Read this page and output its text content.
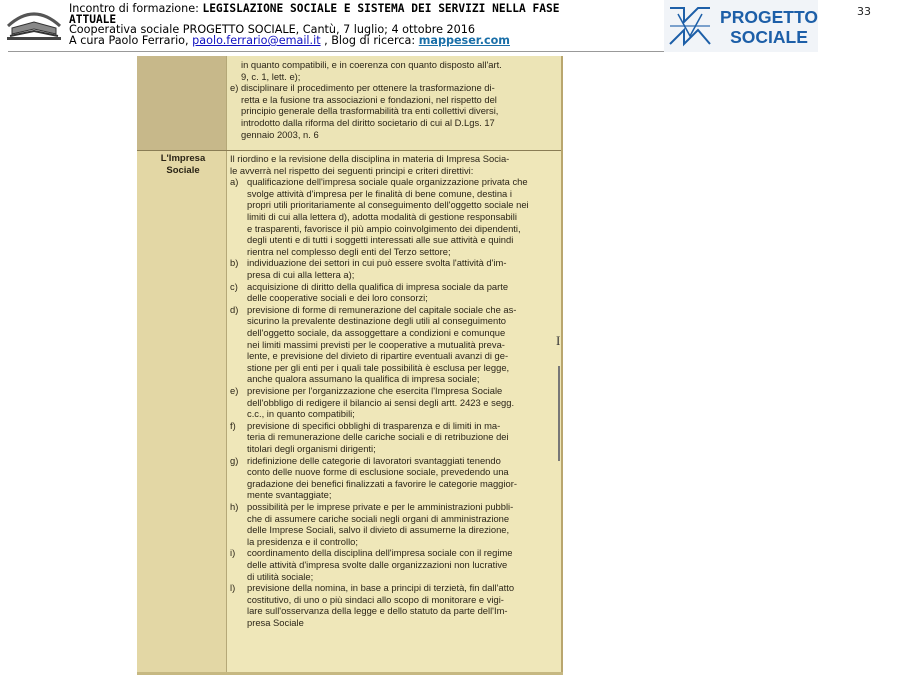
Incontro di formazione: LEGISLAZIONE SOCIALE E SISTEMA DEI SERVIZI NELLA FASE
ATTUALE
Cooperativa sociale PROGETTO SOCIALE, Cantù, 7 luglio; 4 ottobre 2016
A cura Paolo Ferrario, paolo.ferrario@email.it , Blog di ricerca: mappeser.com
33
PROGETTO
SOCIALE
L'Impresa
Sociale
in quanto compatibili, e in coerenza con quanto disposto all'art.
9, c. 1, lett. e);
e) disciplinare il procedimento per ottenere la trasformazione di-
retta e la fusione tra associazioni e fondazioni, nel rispetto del
principio generale della trasformabilità tra enti collettivi diversi,
introdotto dalla riforma del diritto societario di cui al D.Lgs. 17
gennaio 2003, n. 6
Il riordino e la revisione della disciplina in materia di Impresa Socia-
le avverrà nel rispetto dei seguenti principi e criteri direttivi:
a) qualificazione dell'impresa sociale quale organizzazione privata che
svolge attività d'impresa per le finalità di bene comune, destina i
propri utili prioritariamente al conseguimento dell'oggetto sociale nei
limiti di cui alla lettera d), adotta modalità di gestione responsabili
e trasparenti, favorisce il più ampio coinvolgimento dei dipendenti,
degli utenti e di tutti i soggetti interessati alle sue attività e quindi
rientra nel complesso degli enti del Terzo settore;
b) individuazione dei settori in cui può essere svolta l'attività d'im-
presa di cui alla lettera a);
c) acquisizione di diritto della qualifica di impresa sociale da parte
delle cooperative sociali e dei loro consorzi;
d) previsione di forme di remunerazione del capitale sociale che as-
sicurino la prevalente destinazione degli utili al conseguimento
dell'oggetto sociale, da assoggettare a condizioni e comunque
nei limiti massimi previsti per le cooperative a mutualità preva-
lente, e previsione del divieto di ripartire eventuali avanzi di ge-
stione per gli enti per i quali tale possibilità è esclusa per legge,
anche qualora assumano la qualifica di impresa sociale;
e) previsione per l'organizzazione che esercita l'Impresa Sociale
dell'obbligo di redigere il bilancio ai sensi degli artt. 2423 e segg.
c.c., in quanto compatibili;
f) previsione di specifici obblighi di trasparenza e di limiti in ma-
teria di remunerazione delle cariche sociali e di retribuzione dei
titolari degli organismi dirigenti;
g) ridefinizione delle categorie di lavoratori svantaggiati tenendo
conto delle nuove forme di esclusione sociale, prevedendo una
gradazione dei benefici finalizzati a favorire le categorie maggior-
mente svantaggiate;
h) possibilità per le imprese private e per le amministrazioni pubbli-
che di assumere cariche sociali negli organi di amministrazione
delle Imprese Sociali, salvo il divieto di assumerne la direzione,
la presidenza e il controllo;
i) coordinamento della disciplina dell'impresa sociale con il regime
delle attività d'impresa svolte dalle organizzazioni non lucrative
di utilità sociale;
l) previsione della nomina, in base a principi di terzietà, fin dall'atto
costitutivo, di uno o più sindaci allo scopo di monitorare e vigi-
lare sull'osservanza della legge e dello statuto da parte dell'Im-
presa Sociale
I
